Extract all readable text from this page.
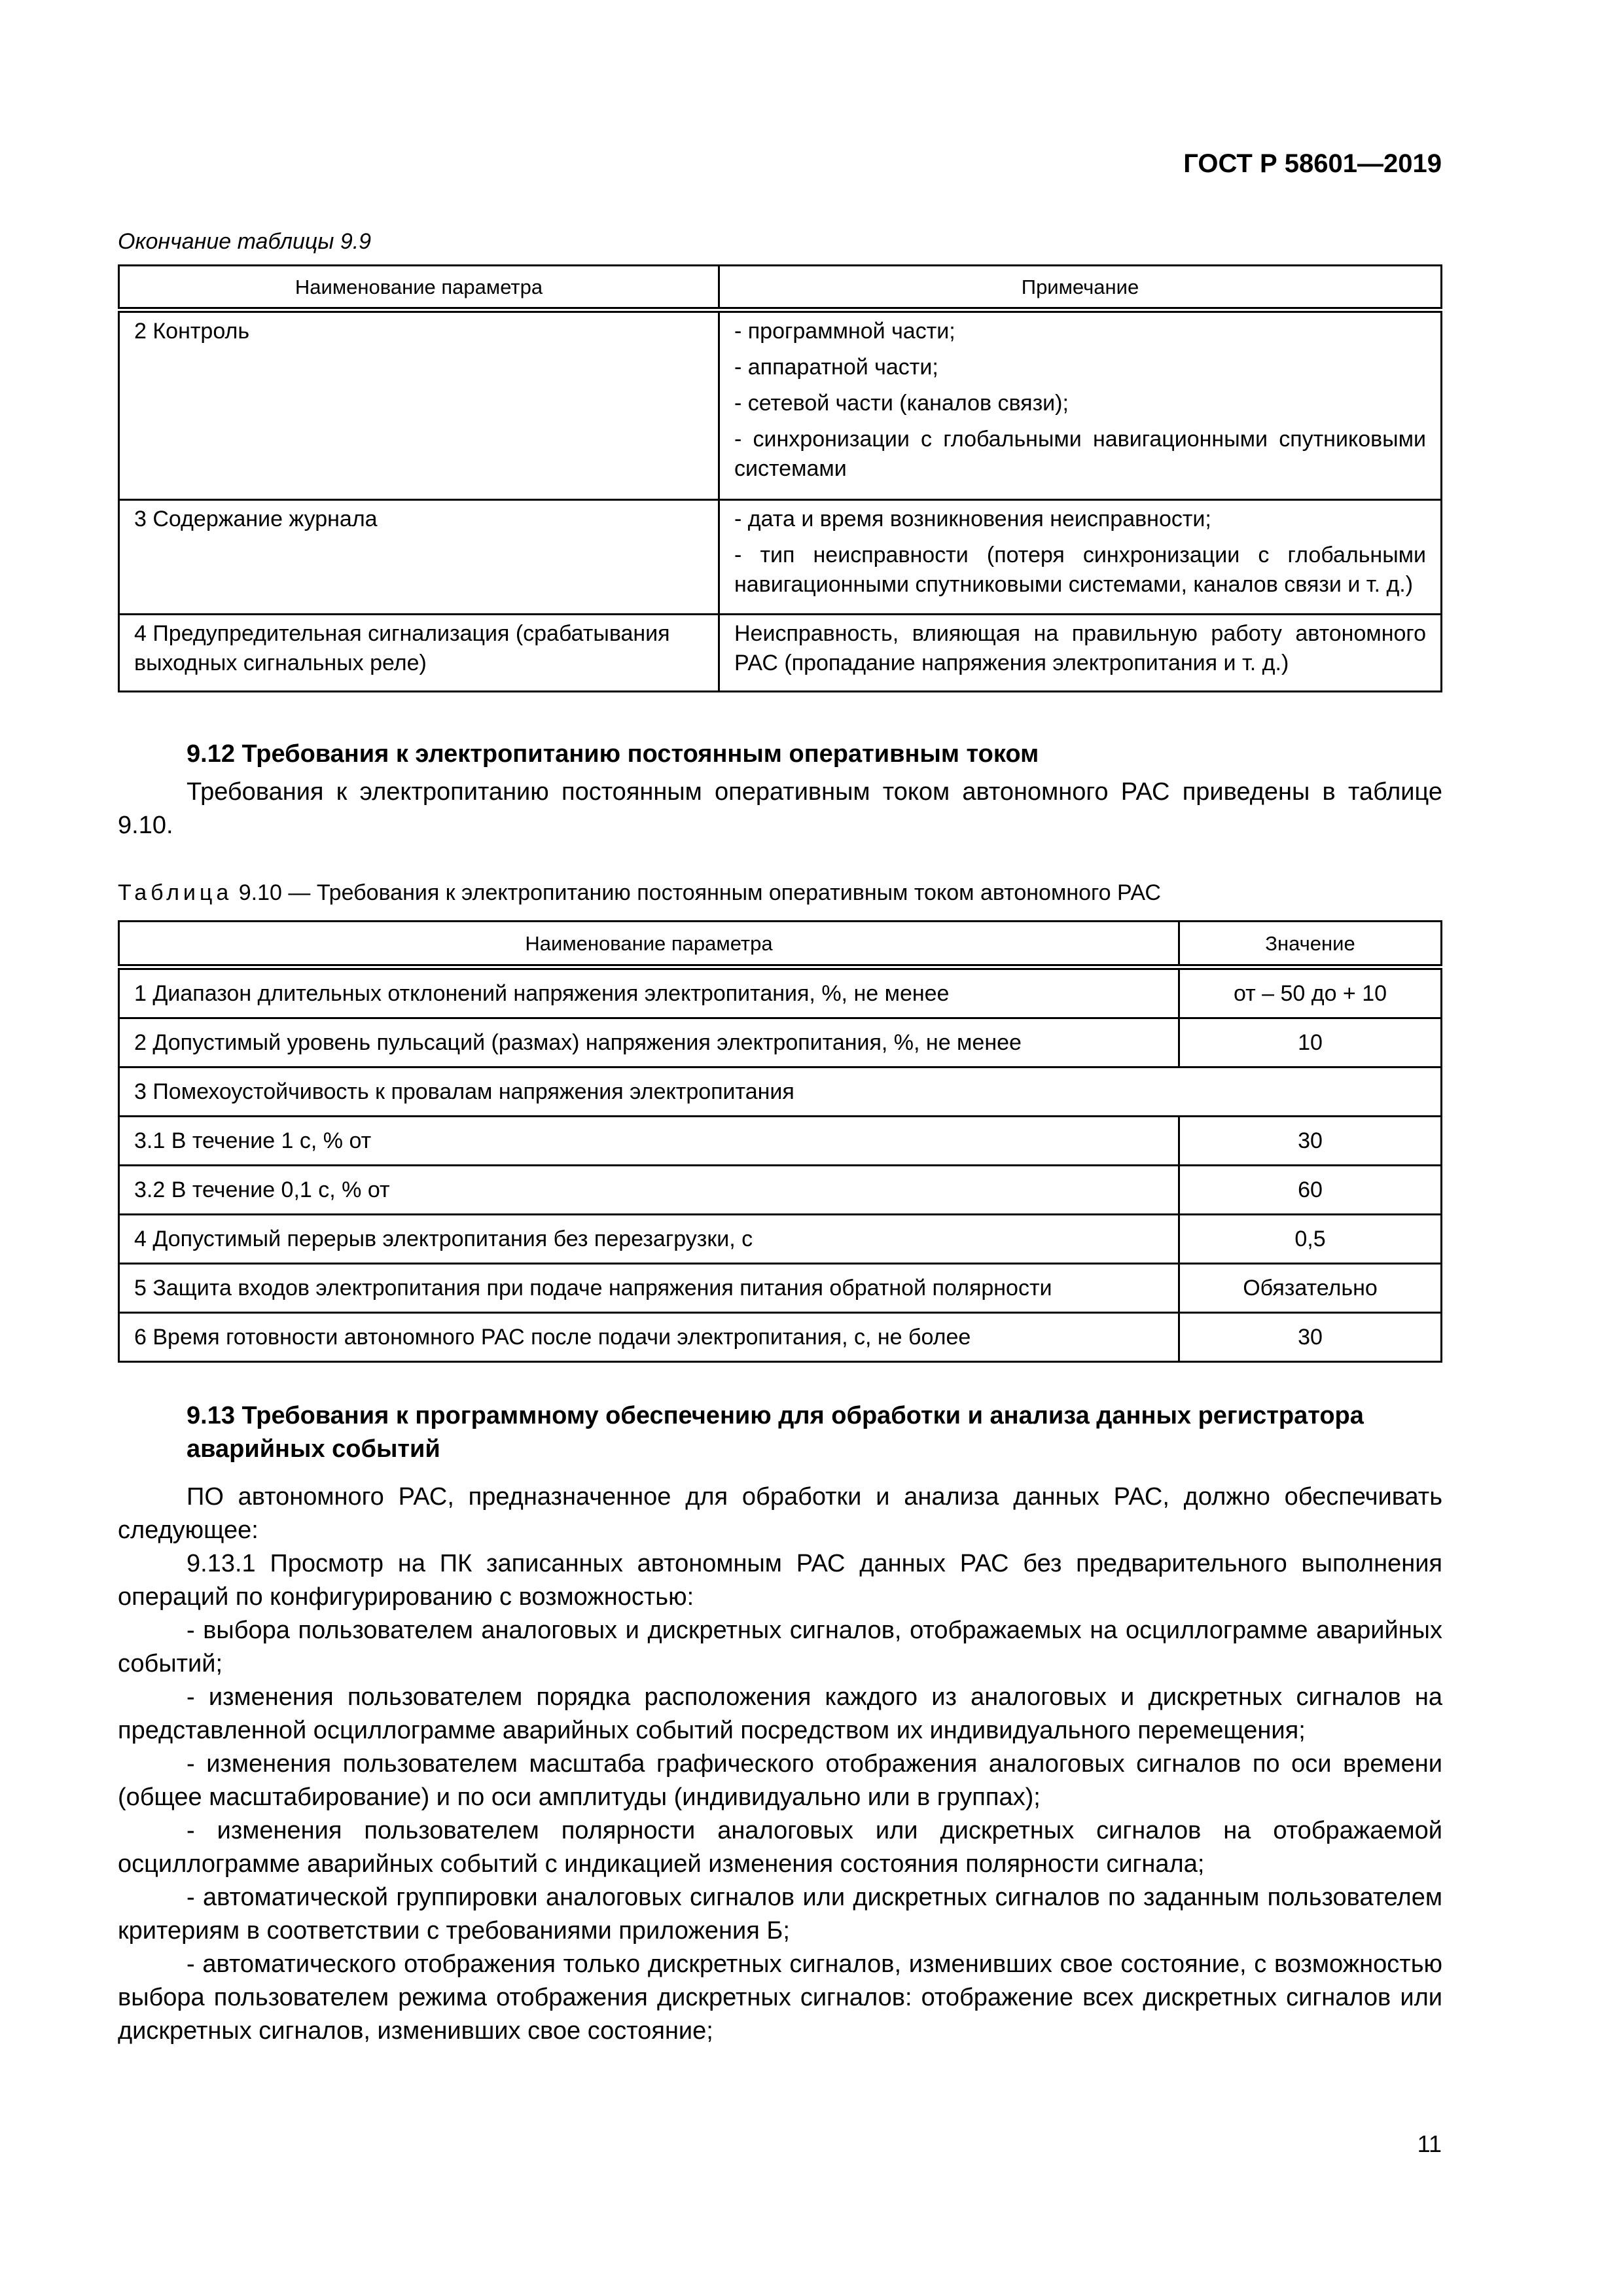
ГОСТ Р 58601—2019
Окончание таблицы 9.9
Наименование параметра	Примечание
2 Контроль	- программной части;

- аппаратной части;

- сетевой части (каналов связи);

- синхронизации с глобальными навигационными спутниковыми системами

3 Содержание журнала	- дата и время возникновения неисправности;

- тип неисправности (потеря синхронизации с глобальными навигационными спутниковыми системами, каналов связи и т. д.)

4 Предупредительная сигнализация (срабатывания выходных сигнальных реле)	Неисправность, влияющая на правильную работу автономного РАС (пропадание напряжения электропитания и т. д.)

9.12 Требования к электропитанию постоянным оперативным током

Требования к электропитанию постоянным оперативным током автономного РАС приведены в таблице 9.10.

Таблица 9.10 — Требования к электропитанию постоянным оперативным током автономного РАС
Наименование параметра	Значение
1 Диапазон длительных отклонений напряжения электропитания, %, не менее	от – 50 до + 10
2 Допустимый уровень пульсаций (размах) напряжения электропитания, %, не менее	10
3 Помехоустойчивость к провалам напряжения электропитания	
3.1 В течение 1 с, % от	30
3.2 В течение 0,1 с, % от	60
4 Допустимый перерыв электропитания без перезагрузки, с	0,5
5 Защита входов электропитания при подаче напряжения питания обратной полярности	Обязательно
6 Время готовности автономного РАС после подачи электропитания, с, не более	30
9.13 Требования к программному обеспечению для обработки и анализа данных регистратора аварийных событий

ПО автономного РАС, предназначенное для обработки и анализа данных РАС, должно обеспечивать следующее:

9.13.1 Просмотр на ПК записанных автономным РАС данных РАС без предварительного выполнения операций по конфигурированию с возможностью:

- выбора пользователем аналоговых и дискретных сигналов, отображаемых на осциллограмме аварийных событий;

- изменения пользователем порядка расположения каждого из аналоговых и дискретных сигналов на представленной осциллограмме аварийных событий посредством их индивидуального перемещения;

- изменения пользователем масштаба графического отображения аналоговых сигналов по оси времени (общее масштабирование) и по оси амплитуды (индивидуально или в группах);

- изменения пользователем полярности аналоговых или дискретных сигналов на отображаемой осциллограмме аварийных событий с индикацией изменения состояния полярности сигнала;

- автоматической группировки аналоговых сигналов или дискретных сигналов по заданным пользователем критериям в соответствии с требованиями приложения Б;

- автоматического отображения только дискретных сигналов, изменивших свое состояние, с возможностью выбора пользователем режима отображения дискретных сигналов: отображение всех дискретных сигналов или дискретных сигналов, изменивших свое состояние;

11
